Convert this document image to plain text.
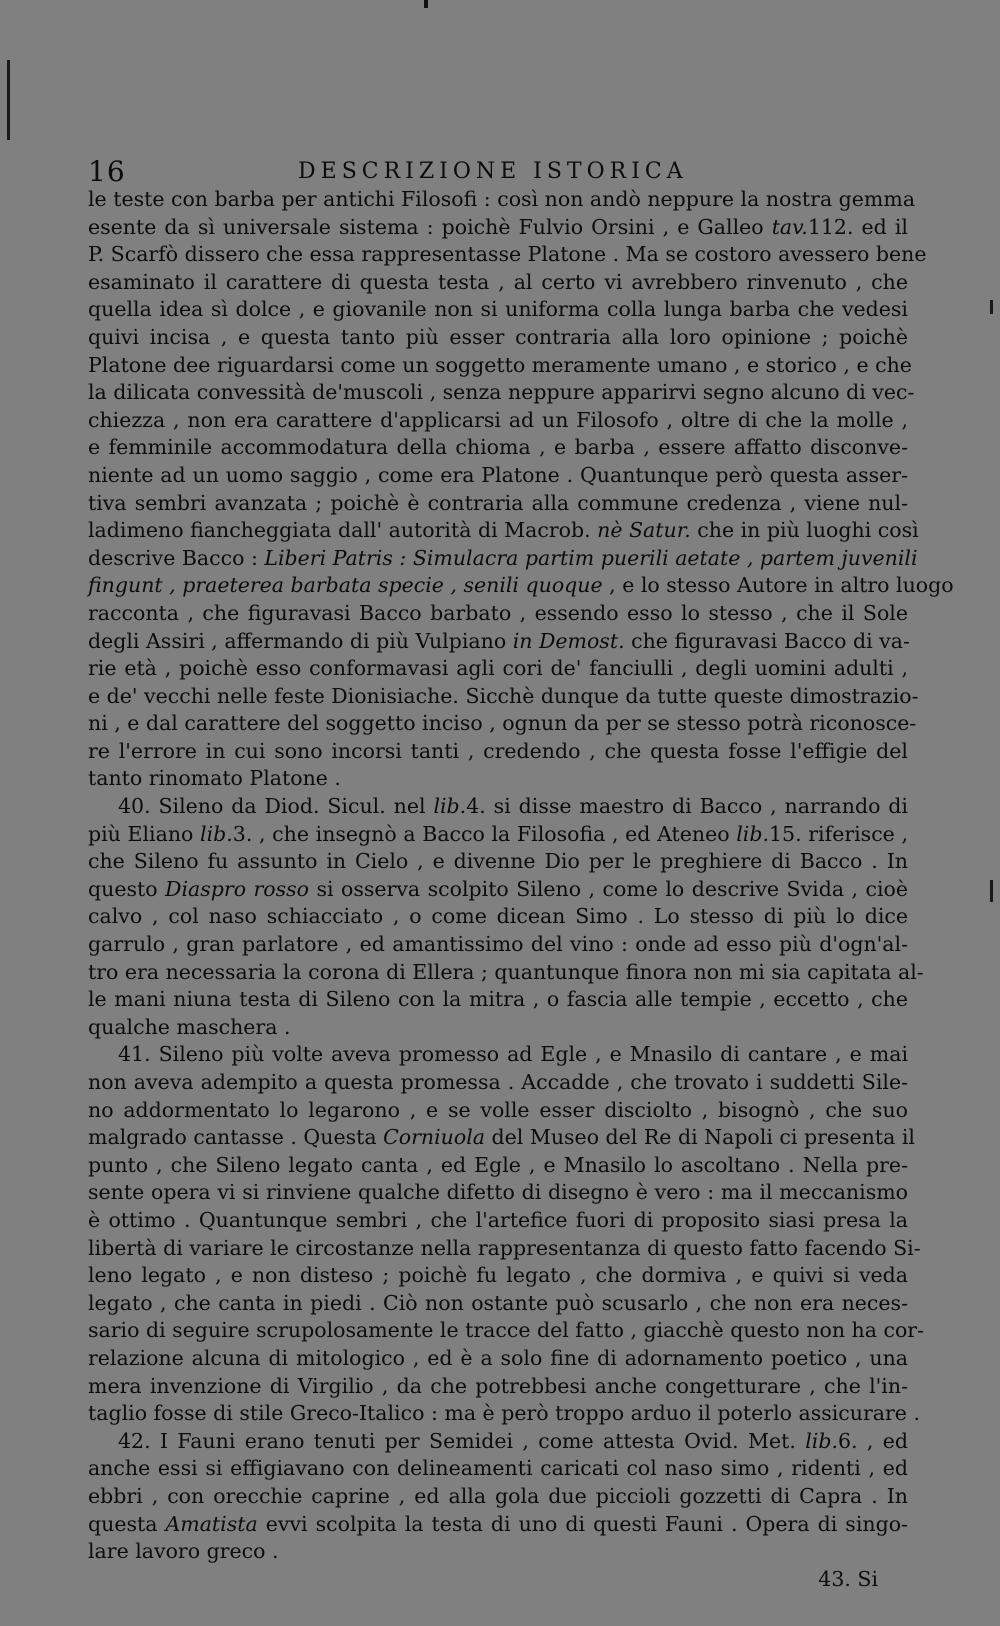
16	DESCRIZIONE ISTORICA
le teste con barba per antichi Filosofi : così non andò neppure la nostra gemma
esente da sì universale sistema : poichè Fulvio Orsini , e Galleo tav.112. ed il
P. Scarfò dissero che essa rappresentasse Platone . Ma se costoro avessero bene
esaminato il carattere di questa testa , al certo vi avrebbero rinvenuto , che
quella idea sì dolce , e giovanile non si uniforma colla lunga barba che vedesi
quivi incisa , e questa tanto più esser contraria alla loro opinione ; poichè
Platone dee riguardarsi come un soggetto meramente umano , e storico , e che
la dilicata convessità de'muscoli , senza neppure apparirvi segno alcuno di vec-
chiezza , non era carattere d'applicarsi ad un Filosofo , oltre di che la molle ,
e femminile accommodatura della chioma , e barba , essere affatto disconve-
niente ad un uomo saggio , come era Platone . Quantunque però questa asser-
tiva sembri avanzata ; poichè è contraria alla commune credenza , viene nul-
ladimeno fiancheggiata dall' autorità di Macrob. nè Satur. che in più luoghi così
descrive Bacco : Liberi Patris : Simulacra partim puerili aetate , partem juvenili
fingunt , praeterea barbata specie , senili quoque , e lo stesso Autore in altro luogo
racconta , che figuravasi Bacco barbato , essendo esso lo stesso , che il Sole
degli Assiri , affermando di più Vulpiano in Demost. che figuravasi Bacco di va-
rie età , poichè esso conformavasi agli cori de' fanciulli , degli uomini adulti ,
e de' vecchi nelle feste Dionisiache. Sicchè dunque da tutte queste dimostrazio-
ni , e dal carattere del soggetto inciso , ognun da per se stesso potrà riconosce-
re l'errore in cui sono incorsi tanti , credendo , che questa fosse l'effigie del
tanto rinomato Platone .
40. Sileno da Diod. Sicul. nel lib.4. si disse maestro di Bacco , narrando di
più Eliano lib.3. , che insegnò a Bacco la Filosofia , ed Ateneo lib.15. riferisce ,
che Sileno fu assunto in Cielo , e divenne Dio per le preghiere di Bacco . In
questo Diaspro rosso si osserva scolpito Sileno , come lo descrive Svida , cioè
calvo , col naso schiacciato , o come dicean Simo . Lo stesso di più lo dice
garrulo , gran parlatore , ed amantissimo del vino : onde ad esso più d'ogn'al-
tro era necessaria la corona di Ellera ; quantunque finora non mi sia capitata al-
le mani niuna testa di Sileno con la mitra , o fascia alle tempie , eccetto , che
qualche maschera .
41. Sileno più volte aveva promesso ad Egle , e Mnasilo di cantare , e mai
non aveva adempito a questa promessa . Accadde , che trovato i suddetti Sile-
no addormentato lo legarono , e se volle esser disciolto , bisognò , che suo
malgrado cantasse . Questa Corniuola del Museo del Re di Napoli ci presenta il
punto , che Sileno legato canta , ed Egle , e Mnasilo lo ascoltano . Nella pre-
sente opera vi si rinviene qualche difetto di disegno è vero : ma il meccanismo
è ottimo . Quantunque sembri , che l'artefice fuori di proposito siasi presa la
libertà di variare le circostanze nella rappresentanza di questo fatto facendo Si-
leno legato , e non disteso ; poichè fu legato , che dormiva , e quivi si veda
legato , che canta in piedi . Ciò non ostante può scusarlo , che non era neces-
sario di seguire scrupolosamente le tracce del fatto , giacchè questo non ha cor-
relazione alcuna di mitologico , ed è a solo fine di adornamento poetico , una
mera invenzione di Virgilio , da che potrebbesi anche congetturare , che l'in-
taglio fosse di stile Greco-Italico : ma è però troppo arduo il poterlo assicurare .
42. I Fauni erano tenuti per Semidei , come attesta Ovid. Met. lib.6. , ed
anche essi si effigiavano con delineamenti caricati col naso simo , ridenti , ed
ebbri , con orecchie caprine , ed alla gola due piccioli gozzetti di Capra . In
questa Amatista evvi scolpita la testa di uno di questi Fauni . Opera di singo-
lare lavoro greco .
43. Si
